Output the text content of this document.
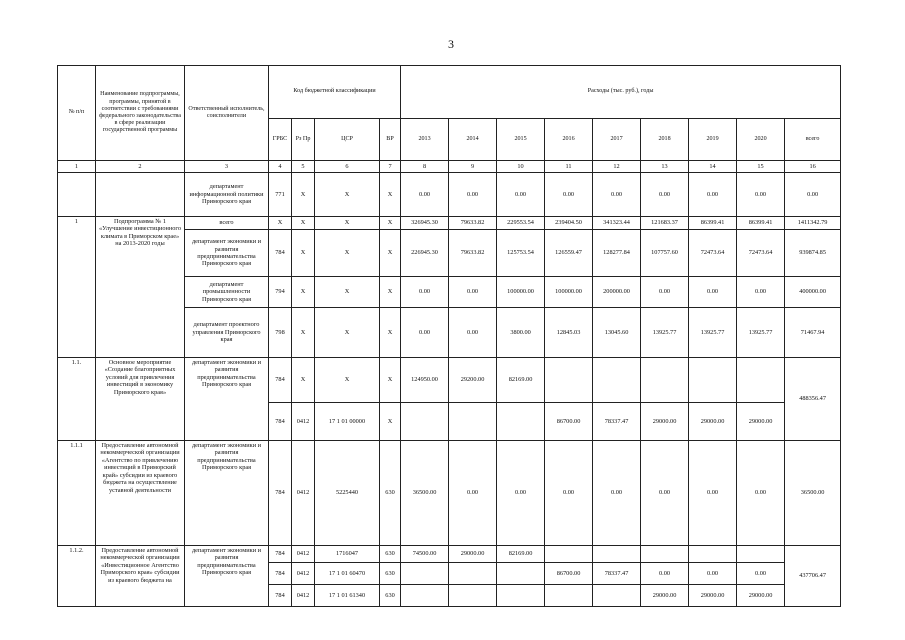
3
№ п/п	Наименование подпрограммы, программы, принятой в соответствии с требованиями федерального законодательства в сфере реализации государственной программы	Ответственный исполнитель, соисполнители	Код бюджетной классификации				Расходы (тыс. руб.), годы								
			ГРБС	Рз Пр	ЦСР	ВР	2013	2014	2015	2016	2017	2018	2019	2020	всего
1	2	3	4	5	6	7	8	9	10	11	12	13	14	15	16
		департамент информационной политики Приморского края	771	X	X	X	0.00	0.00	0.00	0.00	0.00	0.00	0.00	0.00	0.00
1	Подпрограмма № 1 «Улучшение инвестиционного климата в Приморском крае» на 2013-2020 годы	всего	X	X	X	X	326945.30	79633.82	229553.54	239404.50	341323.44	121683.37	86399.41	86399.41	1411342.79
		департамент экономики и развития предпринимательства Приморского края	784	X	X	X	226945.30	79633.82	125753.54	126559.47	128277.84	107757.60	72473.64	72473.64	939874.85
		департамент промышленности Приморского края	794	X	X	X	0.00	0.00	100000.00	100000.00	200000.00	0.00	0.00	0.00	400000.00
		департамент проектного управления Приморского края	798	X	X	X	0.00	0.00	3800.00	12845.03	13045.60	13925.77	13925.77	13925.77	71467.94
1.1.	Основное мероприятие «Создание благоприятных условий для привлечения инвестиций в экономику Приморского края»	департамент экономики и развития предпринимательства Приморского края	784	X	X	X	124950.00	29200.00	82169.00						488356.47
			784	0412	17 1 01 00000	X				86700.00	78337.47	29000.00	29000.00	29000.00	
1.1.1	Предоставление автономной некоммерческой организации «Агентство по привлечению инвестиций в Приморский край» субсидии из краевого бюджета на осуществление уставной деятельности	департамент экономики и развития предпринимательства Приморского края	784	0412	5225440	630	36500.00	0.00	0.00	0.00	0.00	0.00	0.00	0.00	36500.00
1.1.2.	Предоставление автономной некоммерческой организации «Инвестиционное Агентство Приморского края» субсидии из краевого бюджета на	департамент экономики и развития предпринимательства Приморского края	784	0412	1716047	630	74500.00	29000.00	82169.00						437706.47
			784	0412	17 1 01 60470	630				86700.00	78337.47	0.00	0.00	0.00	
			784	0412	17 1 01 61340	630						29000.00	29000.00	29000.00	
